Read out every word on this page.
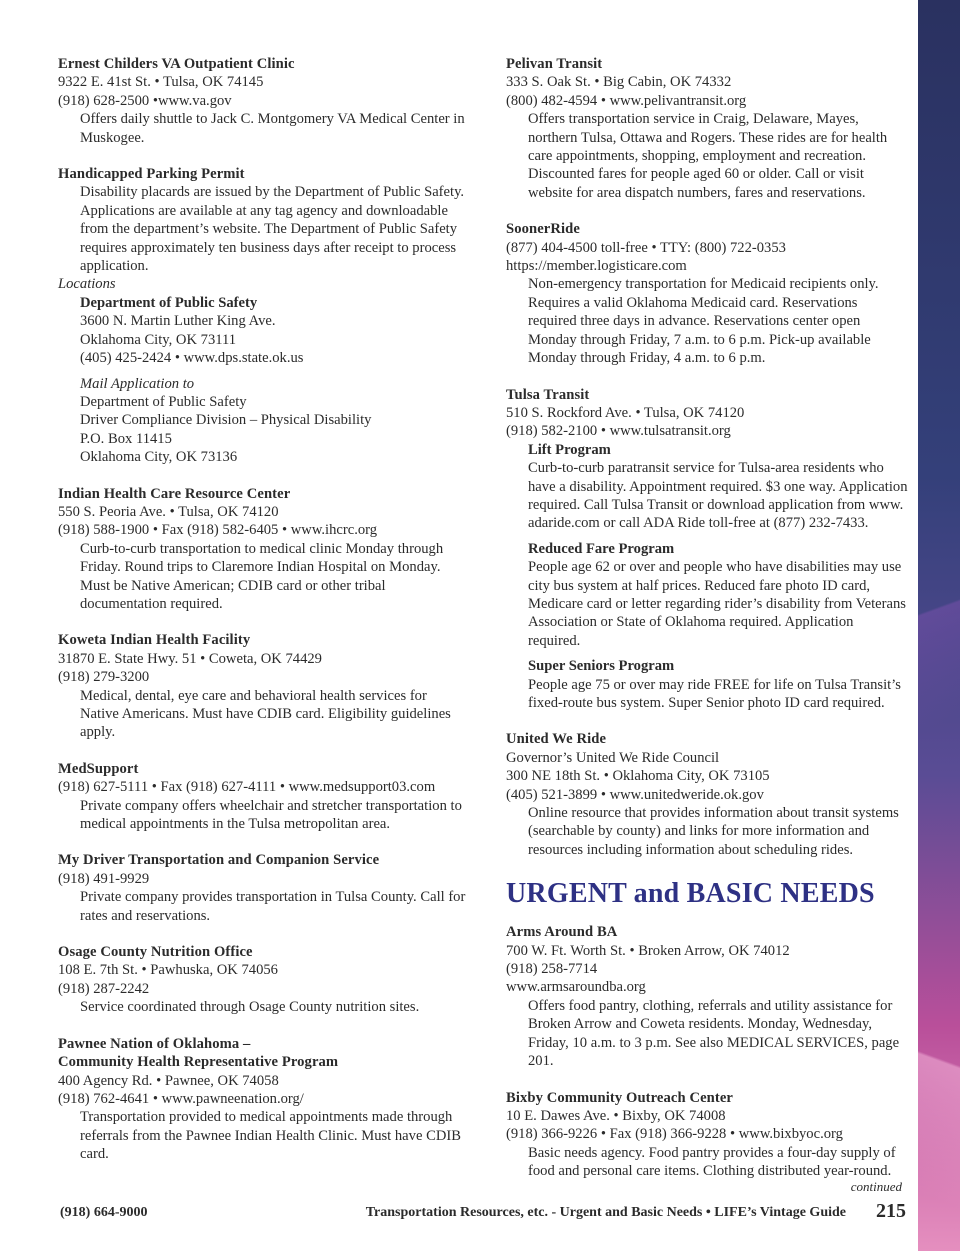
Ernest Childers VA Outpatient Clinic
9322 E. 41st St. • Tulsa, OK 74145
(918) 628-2500 •www.va.gov
Offers daily shuttle to Jack C. Montgomery VA Medical Center in Muskogee.
Handicapped Parking Permit
Disability placards are issued by the Department of Public Safety. Applications are available at any tag agency and downloadable from the department’s website. The Department of Public Safety requires approximately ten business days after receipt to process application.
Locations
Department of Public Safety
3600 N. Martin Luther King Ave.
Oklahoma City, OK 73111
(405) 425-2424 • www.dps.state.ok.us
Mail Application to
Department of Public Safety
Driver Compliance Division – Physical Disability
P.O. Box 11415
Oklahoma City, OK 73136
Indian Health Care Resource Center
550 S. Peoria Ave. • Tulsa, OK 74120
(918) 588-1900 • Fax (918) 582-6405 • www.ihcrc.org
Curb-to-curb transportation to medical clinic Monday through Friday. Round trips to Claremore Indian Hospital on Monday. Must be Native American; CDIB card or other tribal documentation required.
Koweta Indian Health Facility
31870 E. State Hwy. 51 • Coweta, OK 74429
(918) 279-3200
Medical, dental, eye care and behavioral health services for Native Americans. Must have CDIB card. Eligibility guidelines apply.
MedSupport
(918) 627-5111 • Fax (918) 627-4111 • www.medsupport03.com
Private company offers wheelchair and stretcher transportation to medical appointments in the Tulsa metropolitan area.
My Driver Transportation and Companion Service
(918) 491-9929
Private company provides transportation in Tulsa County. Call for rates and reservations.
Osage County Nutrition Office
108 E. 7th St. • Pawhuska, OK 74056
(918) 287-2242
Service coordinated through Osage County nutrition sites.
Pawnee Nation of Oklahoma –
Community Health Representative Program
400 Agency Rd. • Pawnee, OK 74058
(918) 762-4641 • www.pawneenation.org/
Transportation provided to medical appointments made through referrals from the Pawnee Indian Health Clinic. Must have CDIB card.
Pelivan Transit
333 S. Oak St. • Big Cabin, OK 74332
(800) 482-4594 • www.pelivantransit.org
Offers transportation service in Craig, Delaware, Mayes, northern Tulsa, Ottawa and Rogers. These rides are for health care appointments, shopping, employment and recreation. Discounted fares for people aged 60 or older. Call or visit website for area dispatch numbers, fares and reservations.
SoonerRide
(877) 404-4500 toll-free • TTY: (800) 722-0353
https://member.logisticare.com
Non-emergency transportation for Medicaid recipients only. Requires a valid Oklahoma Medicaid card. Reservations required three days in advance. Reservations center open Monday through Friday, 7 a.m. to 6 p.m. Pick-up available Monday through Friday, 4 a.m. to 6 p.m.
Tulsa Transit
510 S. Rockford Ave. • Tulsa, OK 74120
(918) 582-2100 • www.tulsatransit.org
Lift Program
Curb-to-curb paratransit service for Tulsa-area residents who have a disability. Appointment required. $3 one way. Application required. Call Tulsa Transit or download application from www. adaride.com or call ADA Ride toll-free at (877) 232-7433.
Reduced Fare Program
People age 62 or over and people who have disabilities may use city bus system at half prices. Reduced fare photo ID card, Medicare card or letter regarding rider’s disability from Veterans Association or State of Oklahoma required. Application required.
Super Seniors Program
People age 75 or over may ride FREE for life on Tulsa Transit’s fixed-route bus system. Super Senior photo ID card required.
United We Ride
Governor’s United We Ride Council
300 NE 18th St. • Oklahoma City, OK 73105
(405) 521-3899 • www.unitedweride.ok.gov
Online resource that provides information about transit systems (searchable by county) and links for more information and resources including information about scheduling rides.
URGENT and BASIC NEEDS
Arms Around BA
700 W. Ft. Worth St. • Broken Arrow, OK 74012
(918) 258-7714
www.armsaroundba.org
Offers food pantry, clothing, referrals and utility assistance for Broken Arrow and Coweta residents. Monday, Wednesday, Friday, 10 a.m. to 3 p.m. See also MEDICAL SERVICES, page 201.
Bixby Community Outreach Center
10 E. Dawes Ave. • Bixby, OK 74008
(918) 366-9226 • Fax (918) 366-9228 • www.bixbyoc.org
Basic needs agency. Food pantry provides a four-day supply of food and personal care items. Clothing distributed year-round.
continued
(918) 664-9000	Transportation Resources, etc. - Urgent and Basic Needs • LIFE’s Vintage Guide 215
